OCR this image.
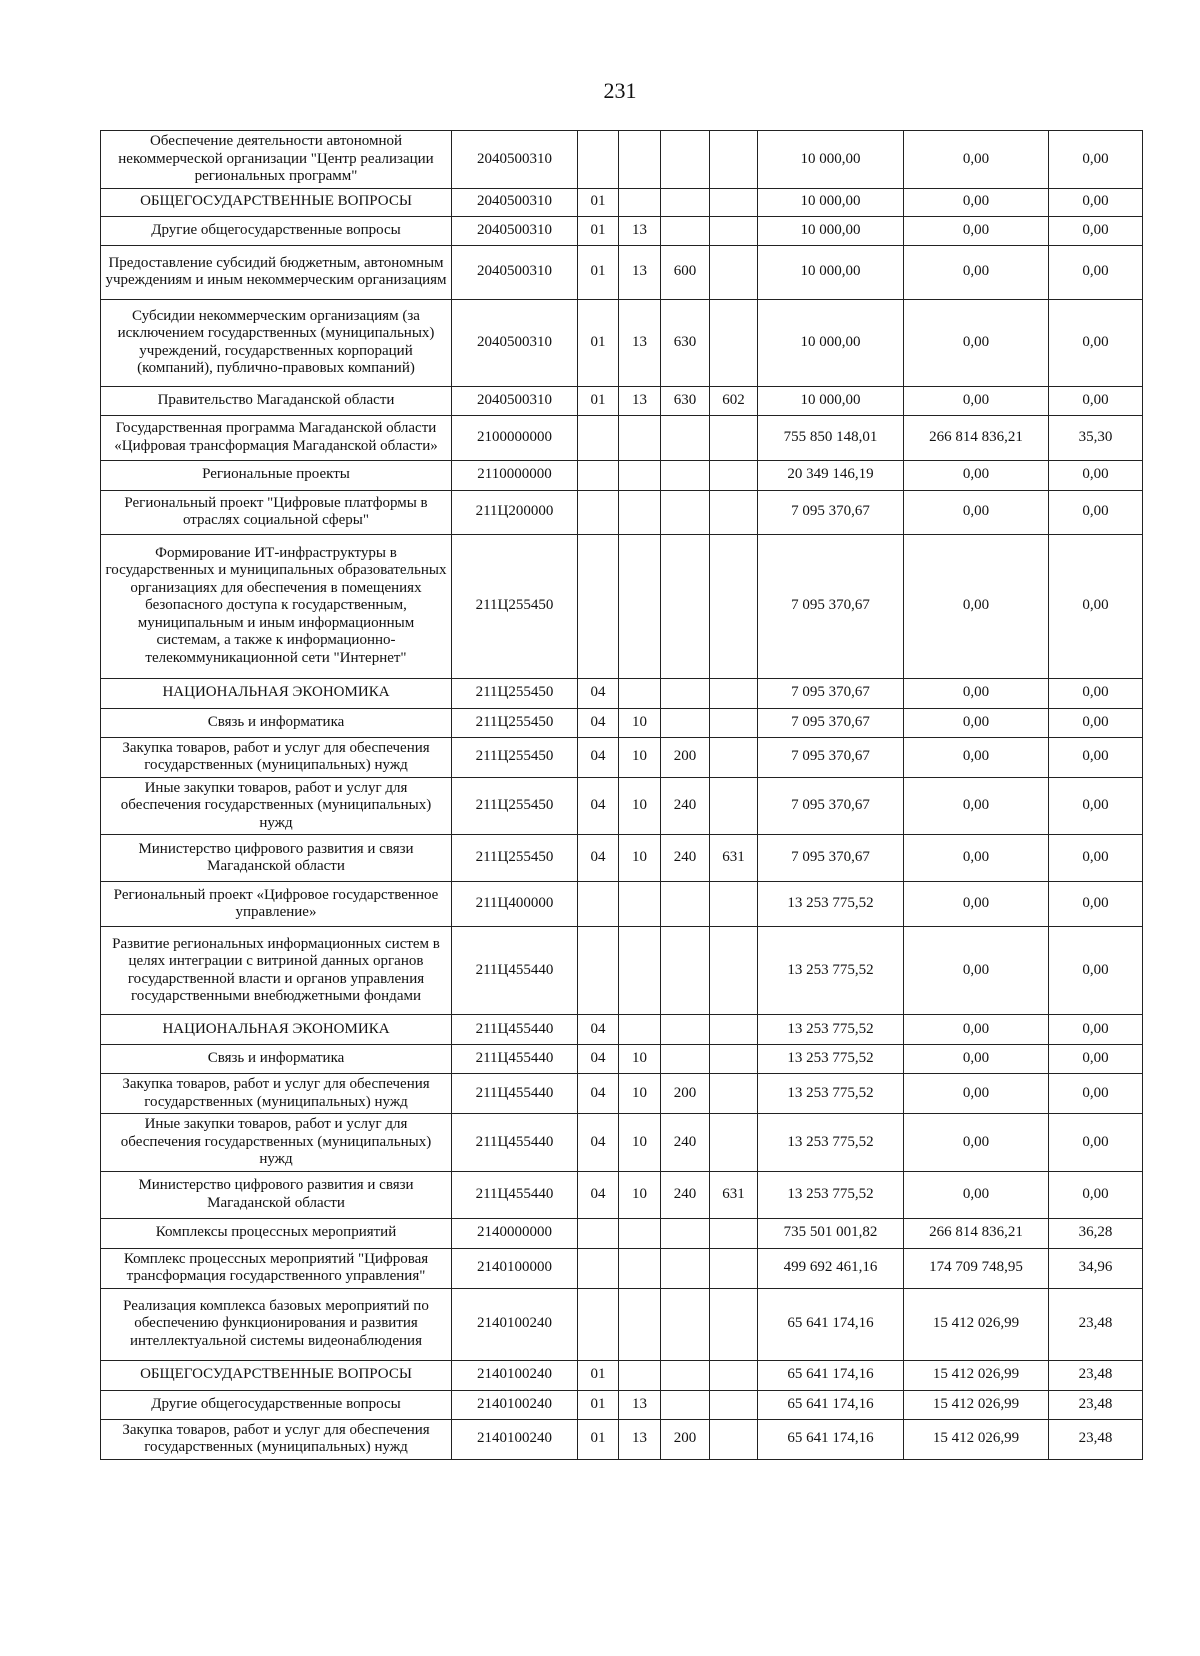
231
Обеспечение деятельности автономной некоммерческой организации "Центр реализации региональных программ"	2040500310					10 000,00	0,00	0,00
ОБЩЕГОСУДАРСТВЕННЫЕ ВОПРОСЫ	2040500310	01				10 000,00	0,00	0,00
Другие общегосударственные вопросы	2040500310	01	13			10 000,00	0,00	0,00
Предоставление субсидий бюджетным, автономным учреждениям и иным некоммерческим организациям	2040500310	01	13	600		10 000,00	0,00	0,00
Субсидии некоммерческим организациям (за исключением государственных (муниципальных) учреждений, государственных корпораций (компаний), публично-правовых компаний)	2040500310	01	13	630		10 000,00	0,00	0,00
Правительство Магаданской области	2040500310	01	13	630	602	10 000,00	0,00	0,00
Государственная программа Магаданской области «Цифровая трансформация Магаданской области»	2100000000					755 850 148,01	266 814 836,21	35,30
Региональные проекты	2110000000					20 349 146,19	0,00	0,00
Региональный проект "Цифровые платформы в отраслях социальной сферы"	211Ц200000					7 095 370,67	0,00	0,00
Формирование ИТ-инфраструктуры в государственных и муниципальных образовательных организациях для обеспечения в помещениях безопасного доступа к государственным, муниципальным и иным информационным системам, а также к информационно-телекоммуникационной сети "Интернет"	211Ц255450					7 095 370,67	0,00	0,00
НАЦИОНАЛЬНАЯ ЭКОНОМИКА	211Ц255450	04				7 095 370,67	0,00	0,00
Связь и информатика	211Ц255450	04	10			7 095 370,67	0,00	0,00
Закупка товаров, работ и услуг для обеспечения государственных (муниципальных) нужд	211Ц255450	04	10	200		7 095 370,67	0,00	0,00
Иные закупки товаров, работ и услуг для обеспечения государственных (муниципальных) нужд	211Ц255450	04	10	240		7 095 370,67	0,00	0,00
Министерство цифрового развития и связи Магаданской области	211Ц255450	04	10	240	631	7 095 370,67	0,00	0,00
Региональный проект «Цифровое государственное управление»	211Ц400000					13 253 775,52	0,00	0,00
Развитие региональных информационных систем в целях интеграции с витриной данных органов государственной власти и органов управления государственными внебюджетными фондами	211Ц455440					13 253 775,52	0,00	0,00
НАЦИОНАЛЬНАЯ ЭКОНОМИКА	211Ц455440	04				13 253 775,52	0,00	0,00
Связь и информатика	211Ц455440	04	10			13 253 775,52	0,00	0,00
Закупка товаров, работ и услуг для обеспечения государственных (муниципальных) нужд	211Ц455440	04	10	200		13 253 775,52	0,00	0,00
Иные закупки товаров, работ и услуг для обеспечения государственных (муниципальных) нужд	211Ц455440	04	10	240		13 253 775,52	0,00	0,00
Министерство цифрового развития и связи Магаданской области	211Ц455440	04	10	240	631	13 253 775,52	0,00	0,00
Комплексы процессных мероприятий	2140000000					735 501 001,82	266 814 836,21	36,28
Комплекс процессных мероприятий "Цифровая трансформация государственного управления"	2140100000					499 692 461,16	174 709 748,95	34,96
Реализация комплекса базовых мероприятий по обеспечению функционирования и развития интеллектуальной системы видеонаблюдения	2140100240					65 641 174,16	15 412 026,99	23,48
ОБЩЕГОСУДАРСТВЕННЫЕ ВОПРОСЫ	2140100240	01				65 641 174,16	15 412 026,99	23,48
Другие общегосударственные вопросы	2140100240	01	13			65 641 174,16	15 412 026,99	23,48
Закупка товаров, работ и услуг для обеспечения государственных (муниципальных) нужд	2140100240	01	13	200		65 641 174,16	15 412 026,99	23,48
